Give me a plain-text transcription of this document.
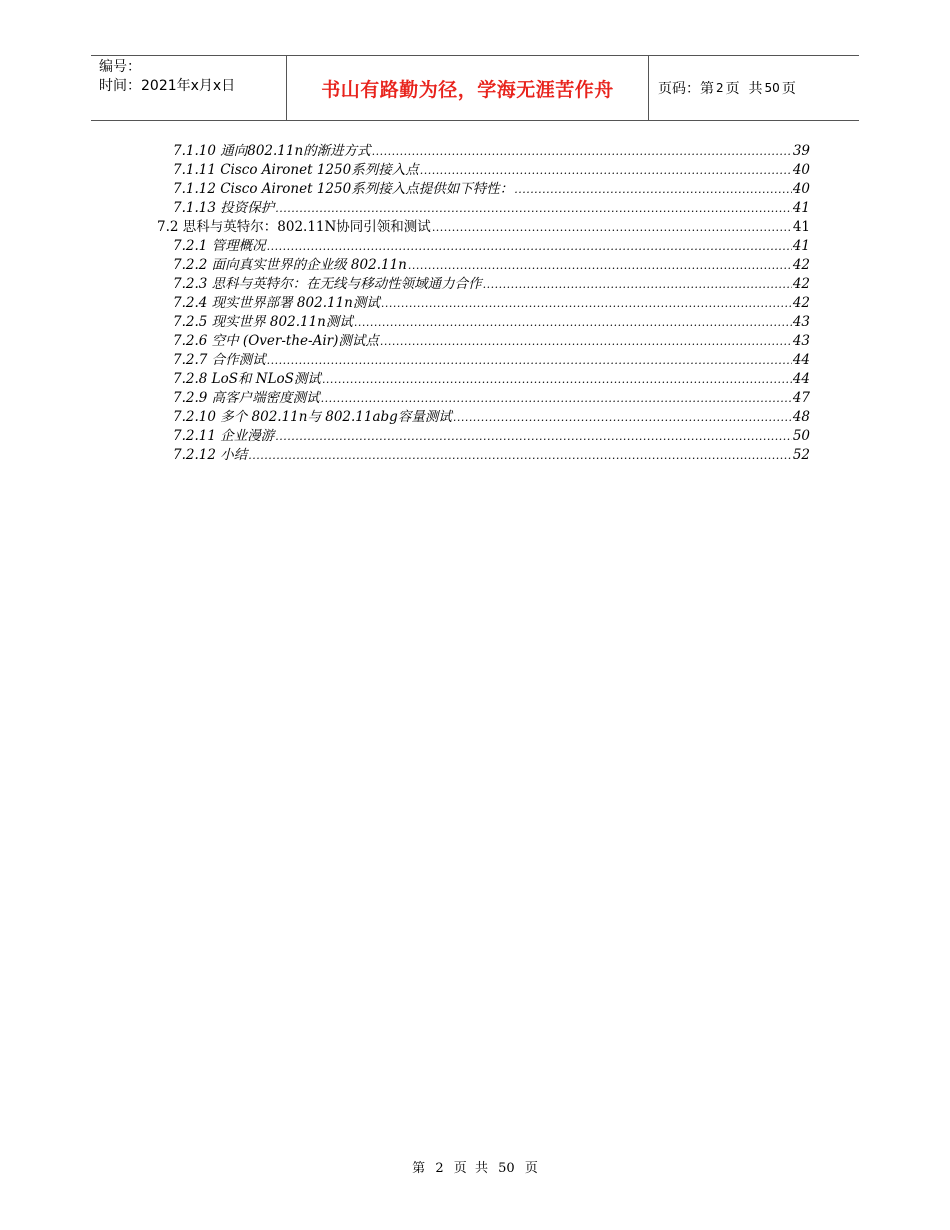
编号：
时间：2021年x月x日	书山有路勤为径，学海无涯苦作舟	页码：第 2 页  共 50 页
7.1.10 通向802.11n的渐进方式 .....	39
7.1.11 Cisco Aironet 1250系列接入点 .....	40
7.1.12 Cisco Aironet 1250系列接入点提供如下特性： .....	40
7.1.13 投资保护 .....	41
7.2 思科与英特尔：802.11N协同引领和测试 .....	41
7.2.1 管理概况 .....	41
7.2.2 面向真实世界的企业级 802.11n .....	42
7.2.3 思科与英特尔：在无线与移动性领域通力合作 .....	42
7.2.4 现实世界部署 802.11n测试 .....	42
7.2.5 现实世界 802.11n测试 .....	43
7.2.6 空中 (Over-the-Air)测试点 .....	43
7.2.7 合作测试 .....	44
7.2.8 LoS和 NLoS测试 .....	44
7.2.9 高客户端密度测试 .....	47
7.2.10 多个 802.11n与 802.11abg容量测试 .....	48
7.2.11 企业漫游 .....	50
7.2.12 小结 .....	52
第 2 页  共 50 页
